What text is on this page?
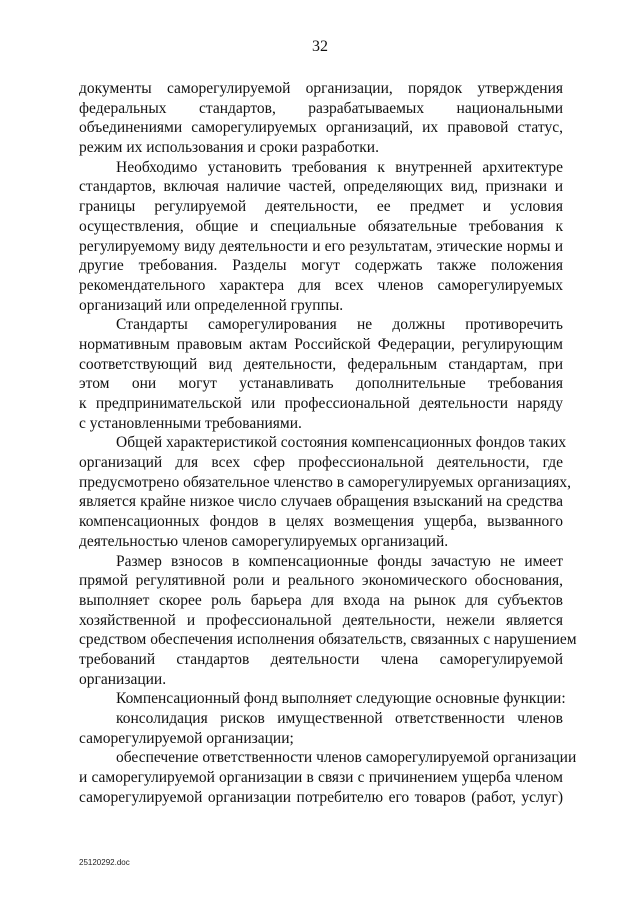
32
документы саморегулируемой организации, порядок утверждения
федеральных стандартов, разрабатываемых национальными
объединениями саморегулируемых организаций, их правовой статус,
режим их использования и сроки разработки.
Необходимо установить требования к внутренней архитектуре
стандартов, включая наличие частей, определяющих вид, признаки и
границы регулируемой деятельности, ее предмет и условия
осуществления, общие и специальные обязательные требования к
регулируемому виду деятельности и его результатам, этические нормы и
другие требования. Разделы могут содержать также положения
рекомендательного характера для всех членов саморегулируемых
организаций или определенной группы.
Стандарты саморегулирования не должны противоречить
нормативным правовым актам Российской Федерации, регулирующим
соответствующий вид деятельности, федеральным стандартам, при
этом они могут устанавливать дополнительные требования
к предпринимательской или профессиональной деятельности наряду
с установленными требованиями.
Общей характеристикой состояния компенсационных фондов таких
организаций для всех сфер профессиональной деятельности, где
предусмотрено обязательное членство в саморегулируемых организациях,
является крайне низкое число случаев обращения взысканий на средства
компенсационных фондов в целях возмещения ущерба, вызванного
деятельностью членов саморегулируемых организаций.
Размер взносов в компенсационные фонды зачастую не имеет
прямой регулятивной роли и реального экономического обоснования,
выполняет скорее роль барьера для входа на рынок для субъектов
хозяйственной и профессиональной деятельности, нежели является
средством обеспечения исполнения обязательств, связанных с нарушением
требований стандартов деятельности члена саморегулируемой
организации.
Компенсационный фонд выполняет следующие основные функции:
консолидация рисков имущественной ответственности членов
саморегулируемой организации;
обеспечение ответственности членов саморегулируемой организации
и саморегулируемой организации в связи с причинением ущерба членом
саморегулируемой организации потребителю его товаров (работ, услуг)
25120292.doc
